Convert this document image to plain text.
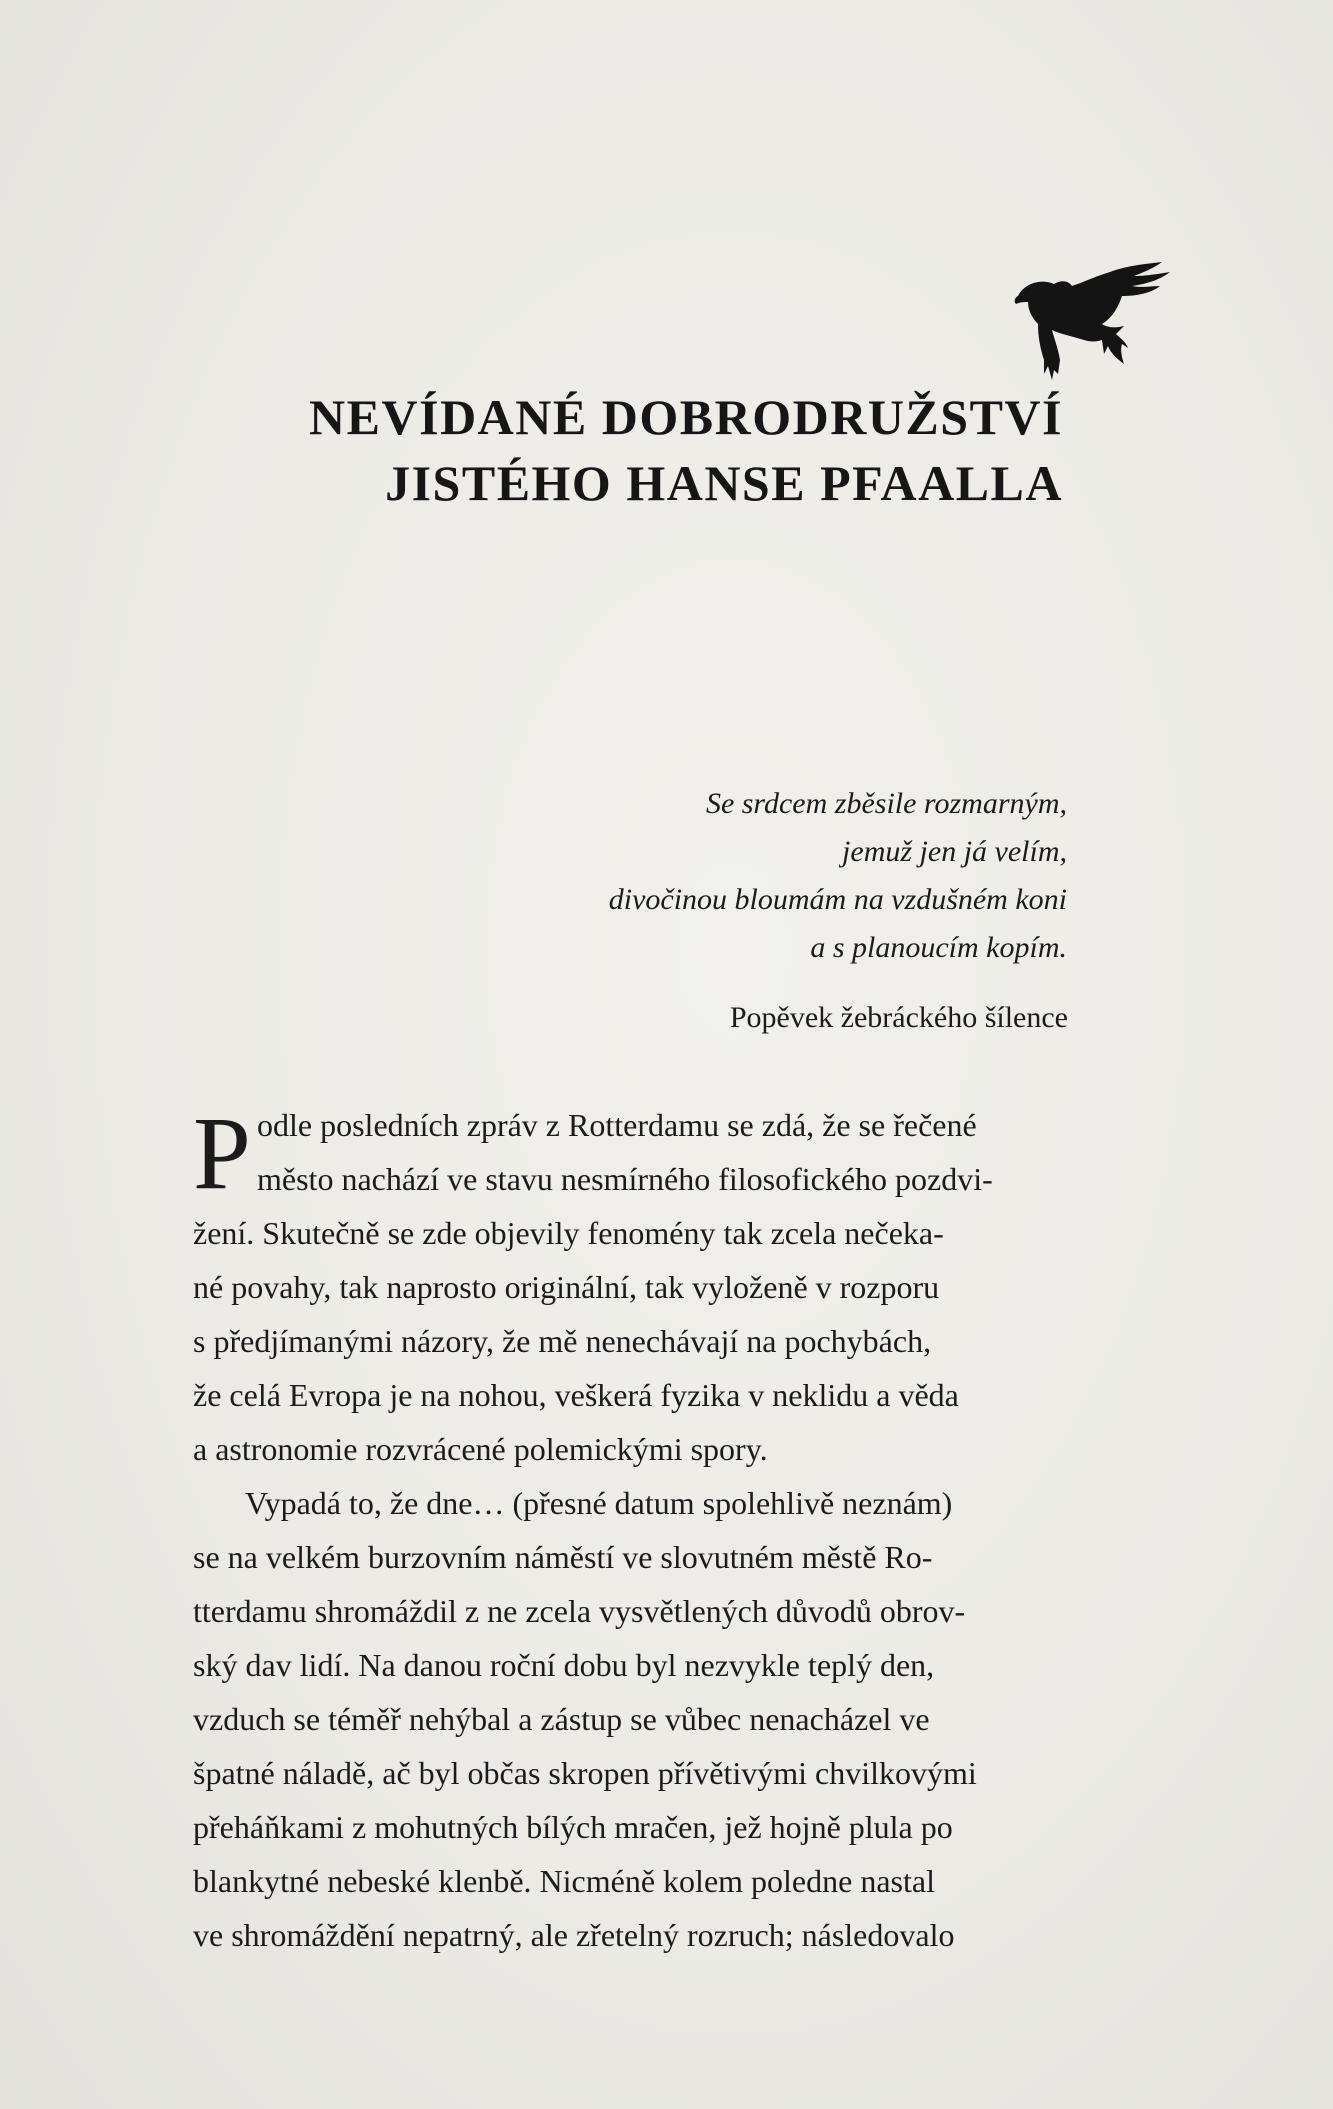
NEVÍDANÉ DOBRODRUŽSTVÍ
JISTÉHO HANSE PFAALLA
Se srdcem zběsile rozmarným,
jemuž jen já velím,
divočinou bloumám na vzdušném koni
a s planoucím kopím.
Popěvek žebráckého šílence
P odle posledních zpráv z Rotterdamu se zdá, že se řečené
město nachází ve stavu nesmírného filosofického pozdvi-
žení. Skutečně se zde objevily fenomény tak zcela nečeka-
né povahy, tak naprosto originální, tak vyloženě v rozporu
s předjímanými názory, že mě nenechávají na pochybách,
že celá Evropa je na nohou, veškerá fyzika v neklidu a věda
a astronomie rozvrácené polemickými spory.
Vypadá to, že dne… (přesné datum spolehlivě neznám)
se na velkém burzovním náměstí ve slovutném městě Ro-
tterdamu shromáždil z ne zcela vysvětlených důvodů obrov-
ský dav lidí. Na danou roční dobu byl nezvykle teplý den,
vzduch se téměř nehýbal a zástup se vůbec nenacházel ve
špatné náladě, ač byl občas skropen přívětivými chvilkovými
přeháňkami z mohutných bílých mračen, jež hojně plula po
blankytné nebeské klenbě. Nicméně kolem poledne nastal
ve shromáždění nepatrný, ale zřetelný rozruch; následovalo
